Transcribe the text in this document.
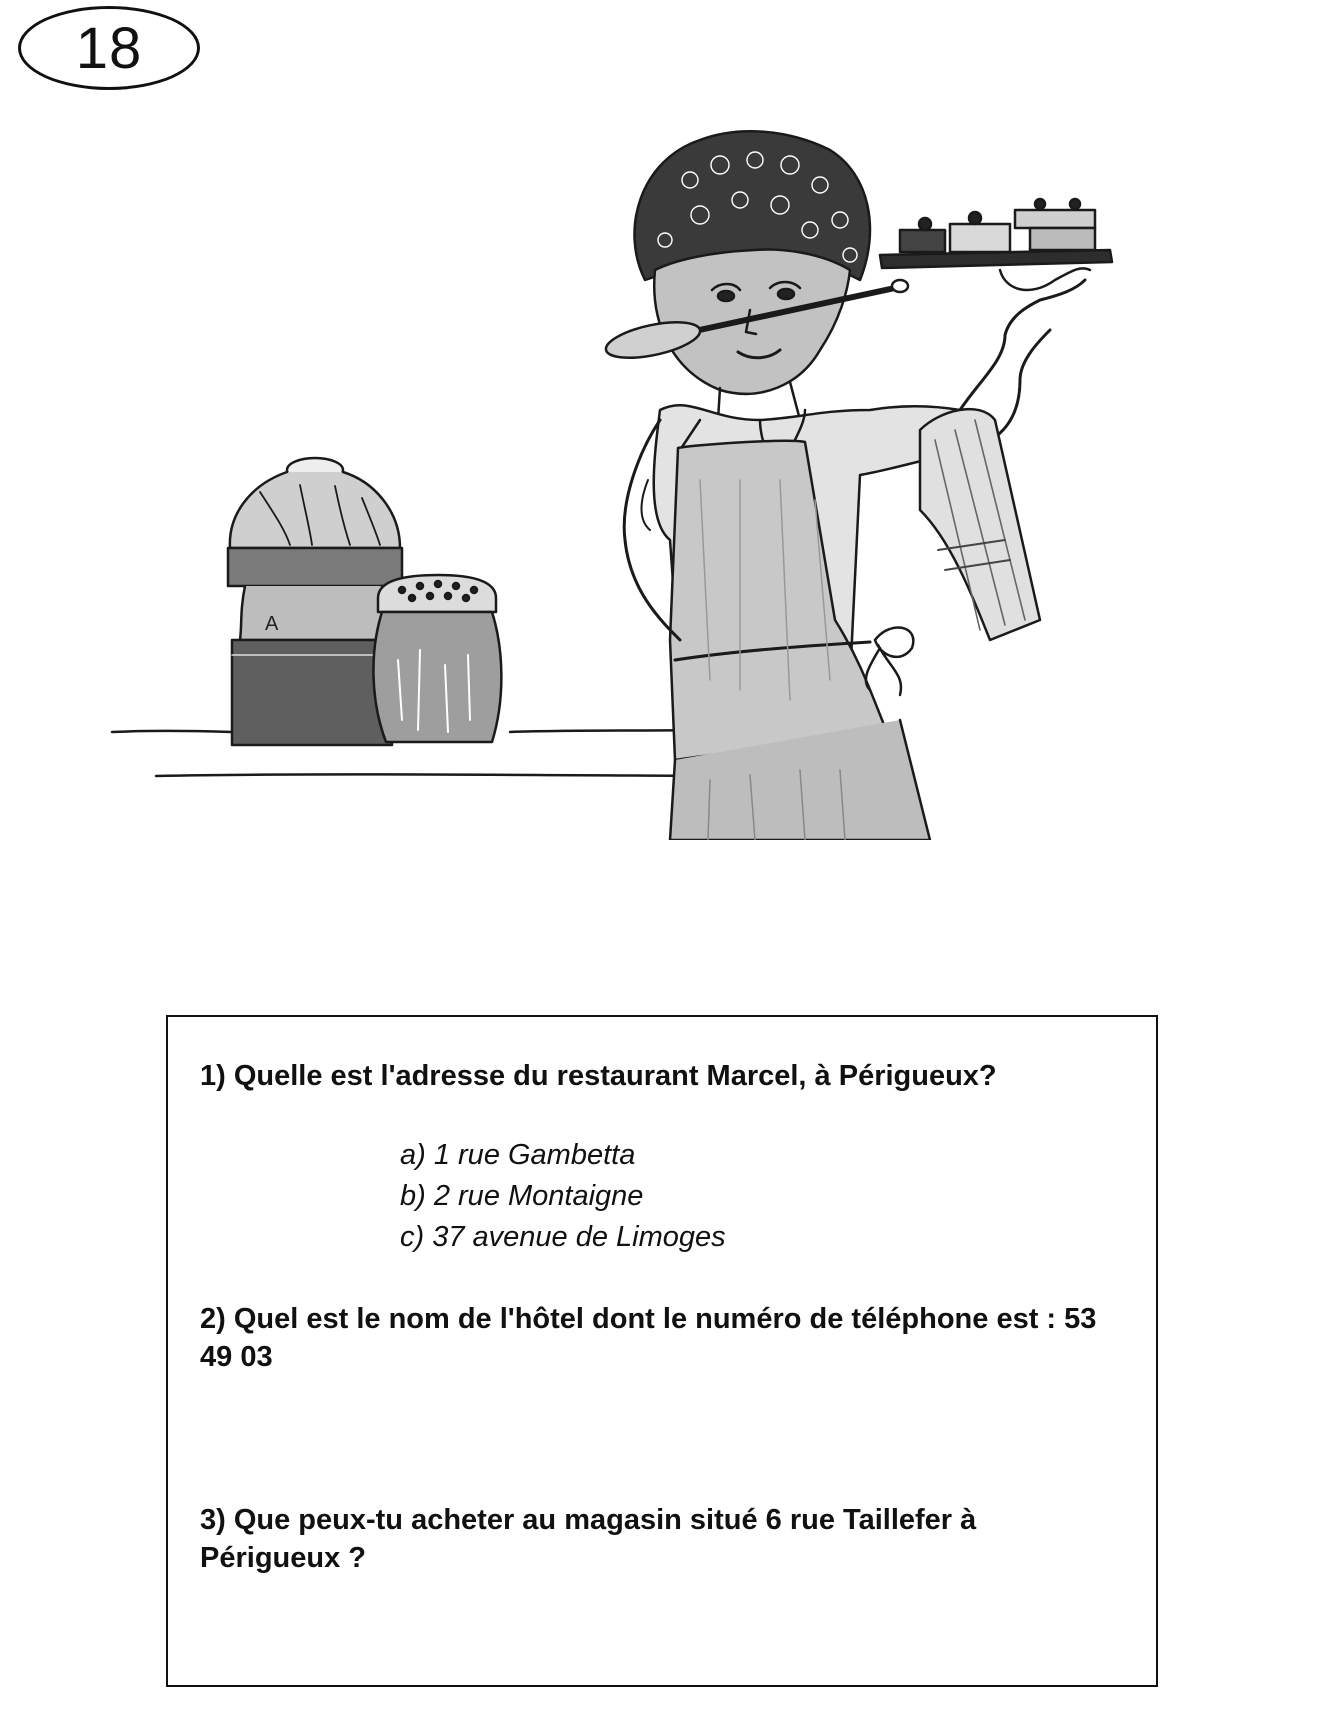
18
A

1) Quelle est l'adresse du restaurant Marcel, à Périgueux?

a) 1 rue Gambetta
b) 2 rue Montaigne
c) 37 avenue de Limoges

2) Quel est le nom de l'hôtel dont le numéro de téléphone est : 53 49 03

3) Que peux-tu acheter au magasin situé 6 rue Taillefer à Périgueux ?
